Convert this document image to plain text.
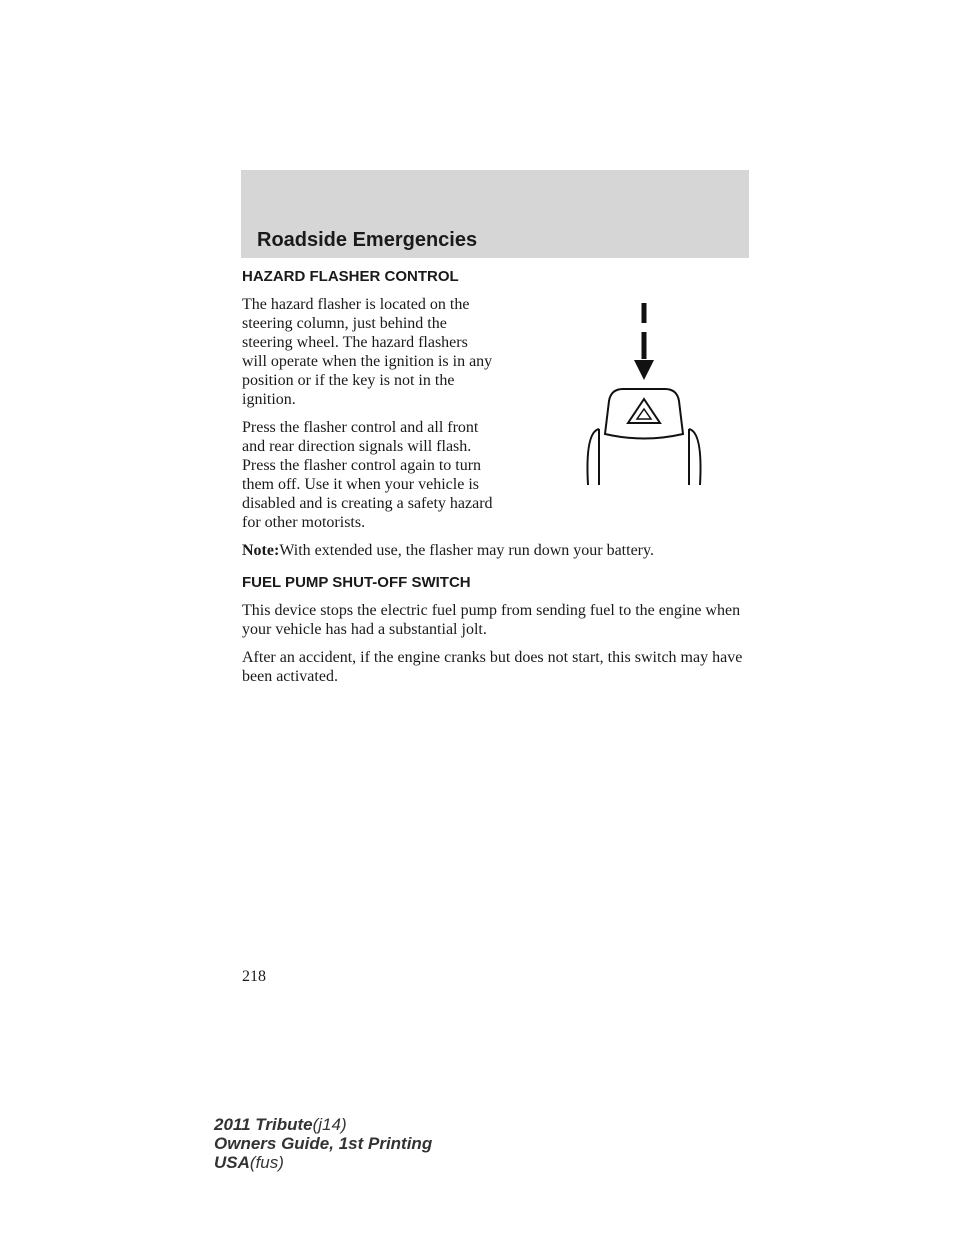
Roadside Emergencies
HAZARD FLASHER CONTROL

The hazard flasher is located on the steering column, just behind the steering wheel. The hazard flashers will operate when the ignition is in any position or if the key is not in the ignition.

Press the flasher control and all front and rear direction signals will flash. Press the flasher control again to turn them off. Use it when your vehicle is disabled and is creating a safety hazard for other motorists.

Note:With extended use, the flasher may run down your battery.

FUEL PUMP SHUT-OFF SWITCH

This device stops the electric fuel pump from sending fuel to the engine when your vehicle has had a substantial jolt.

After an accident, if the engine cranks but does not start, this switch may have been activated.

218

2011 Tribute(j14)
Owners Guide, 1st Printing
USA(fus)
